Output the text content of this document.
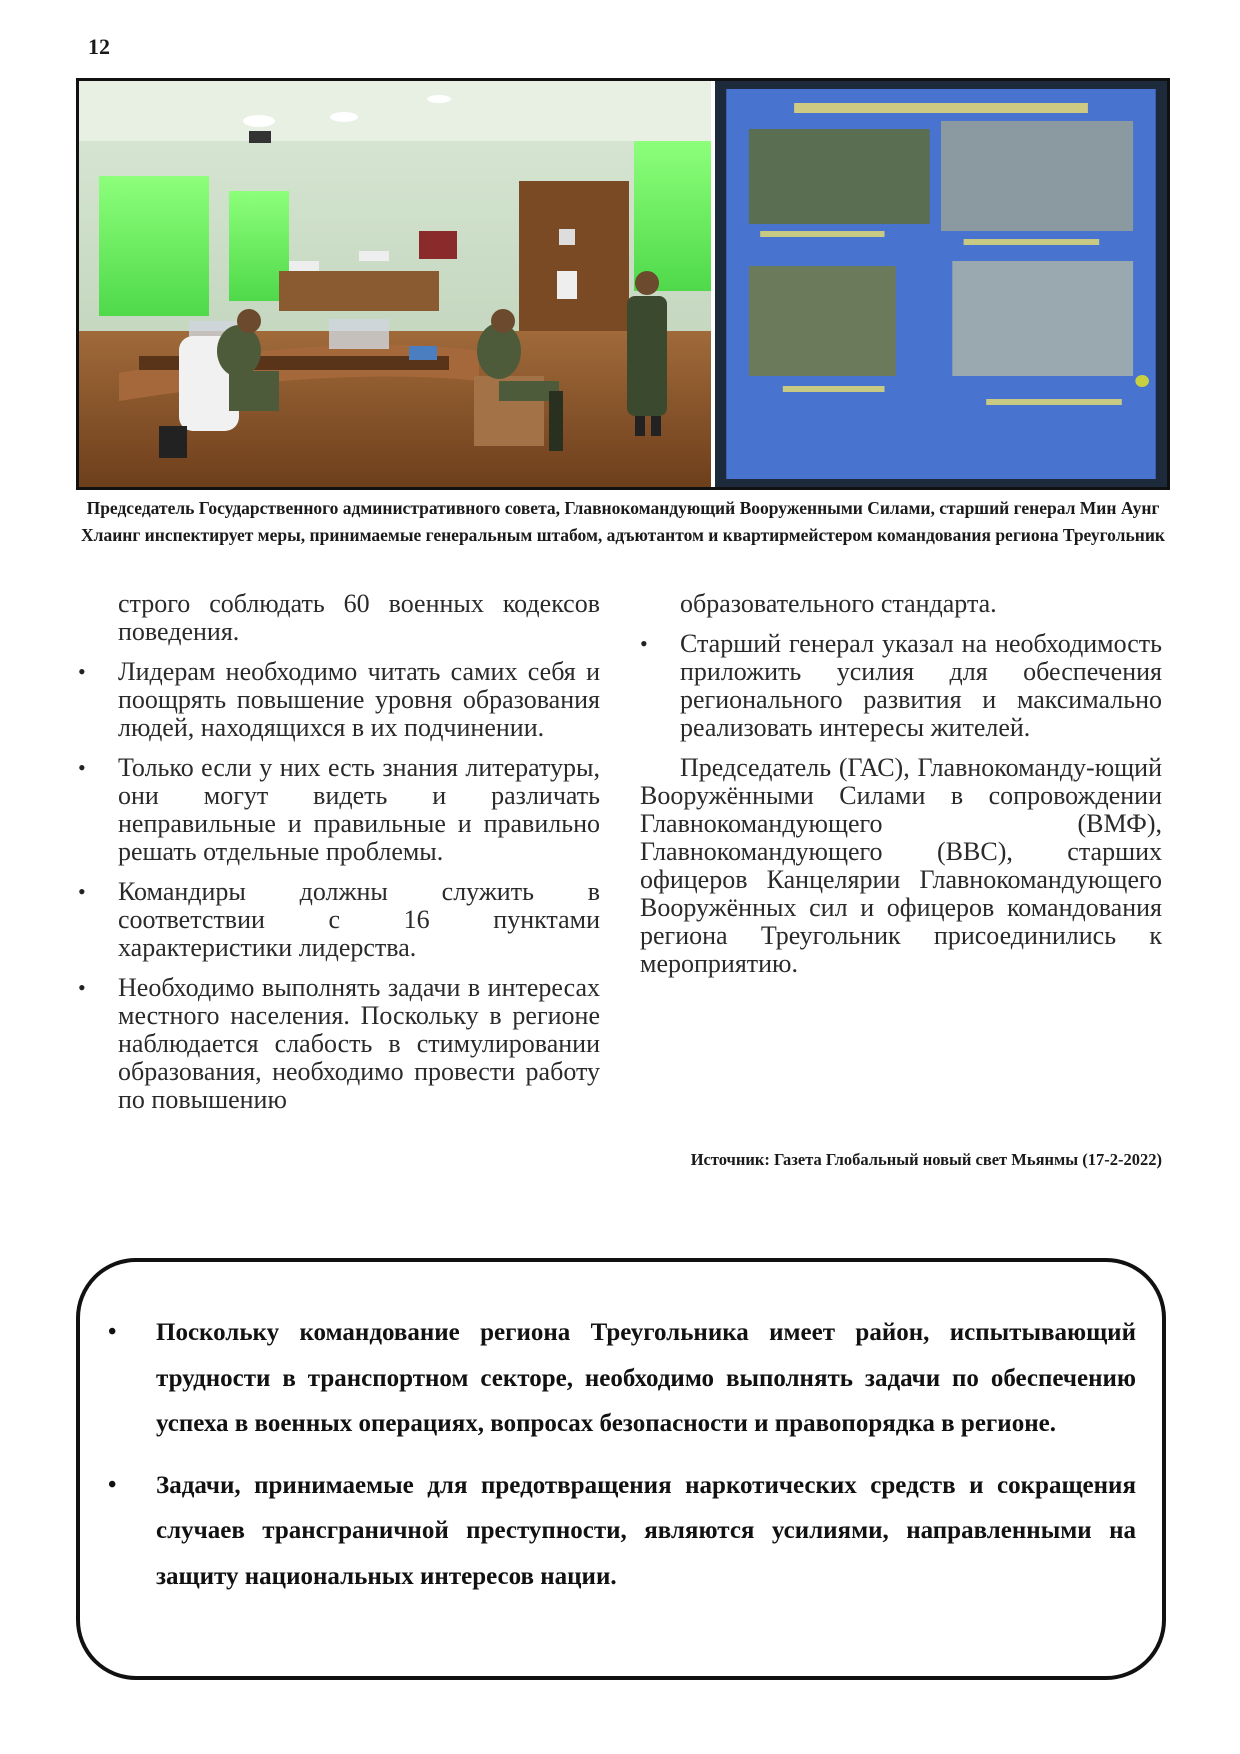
12
Председатель Государственного административного совета, Главнокомандующий Вооруженными Силами, старший генерал Мин Аунг Хлаинг инспектирует меры, принимаемые генеральным штабом, адъютантом и квартирмейстером командования региона Треугольник

строго соблюдать 60 военных кодексов поведения.

• Лидерам необходимо читать самих себя и поощрять повышение уровня образования людей, находящихся в их подчинении.
• Только если у них есть знания литературы, они могут видеть и различать неправильные и правильные и правильно решать отдельные проблемы.
• Командиры должны служить в соответствии с 16 пунктами характеристики лидерства.
• Необходимо выполнять задачи в интересах местного населения. Поскольку в регионе наблюдается слабость в стимулировании образования, необходимо провести работу по повышению

образовательного стандарта.

• Старший генерал указал на необходимость приложить усилия для обеспечения регионального развития и максимально реализовать интересы жителей.

Председатель (ГАС), Главнокоманду-ющий Вооружёнными Силами в сопровождении Главнокомандующего (ВМФ), Главнокомандующего (ВВС), старших офицеров Канцелярии Главнокомандующего Вооружённых сил и офицеров командования региона Треугольник присоединились к мероприятию.

Источник: Газета Глобальный новый свет Мьянмы (17-2-2022)
• Поскольку командование региона Треугольника имеет район, испытывающий трудности в транспортном секторе, необходимо выполнять задачи по обеспечению успеха в военных операциях, вопросах безопасности и правопорядка в регионе.
• Задачи, принимаемые для предотвращения наркотических средств и сокращения случаев трансграничной преступности, являются усилиями, направленными на защиту национальных интересов нации.
